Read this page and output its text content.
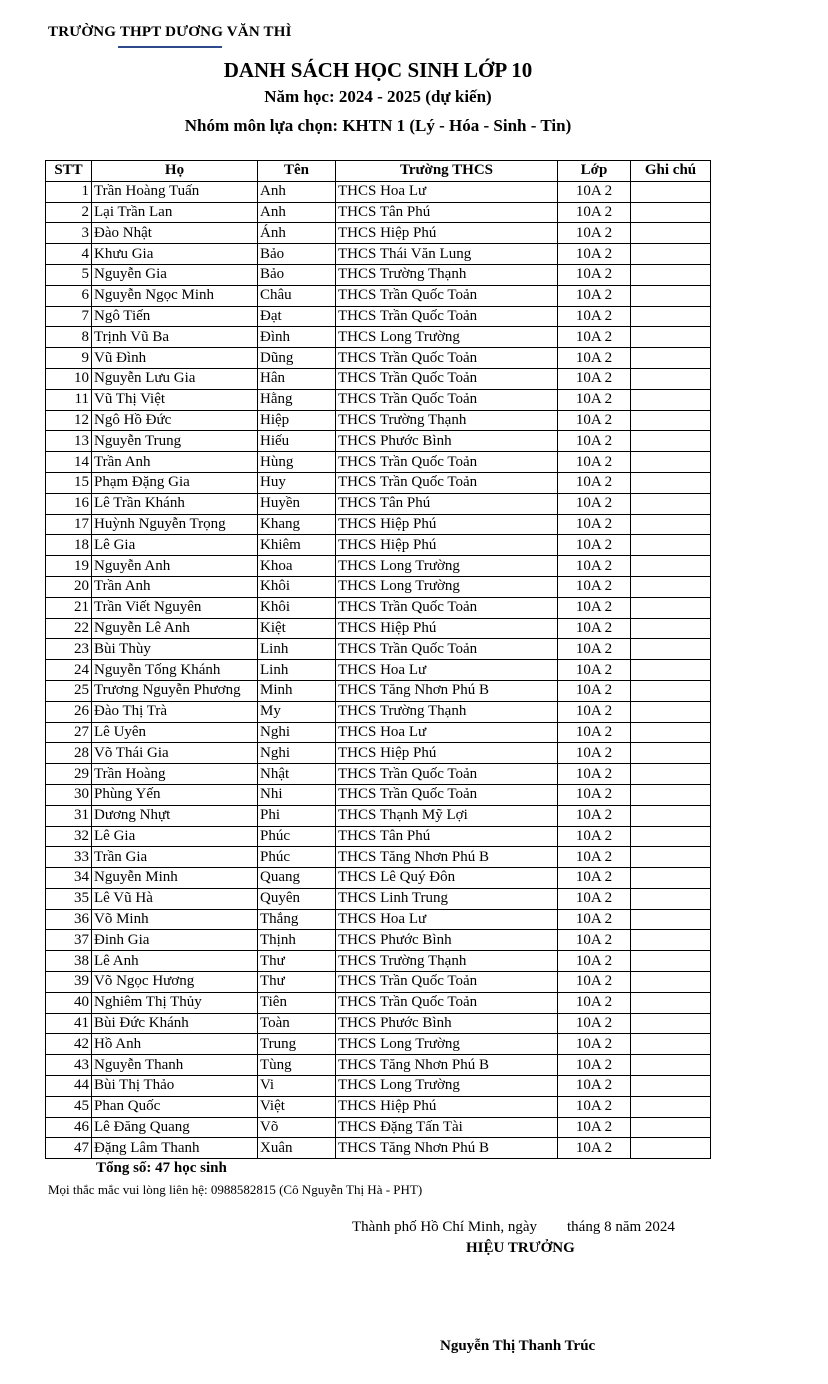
TRƯỜNG THPT DƯƠNG VĂN THÌ
DANH SÁCH HỌC SINH LỚP 10
Năm học: 2024 - 2025 (dự kiến)
Nhóm môn lựa chọn: KHTN 1 (Lý - Hóa - Sinh - Tin)
STT	Họ	Tên	Trường THCS	Lớp	Ghi chú
1	Trần Hoàng Tuấn	Anh	THCS Hoa Lư	10A 2	
2	Lại Trần Lan	Anh	THCS Tân Phú	10A 2	
3	Đào Nhật	Ánh	THCS Hiệp Phú	10A 2	
4	Khưu Gia	Bảo	THCS Thái Văn Lung	10A 2	
5	Nguyễn Gia	Bảo	THCS Trường Thạnh	10A 2	
6	Nguyễn Ngọc Minh	Châu	THCS Trần Quốc Toản	10A 2	
7	Ngô Tiến	Đạt	THCS Trần Quốc Toản	10A 2	
8	Trịnh Vũ Ba	Đình	THCS Long Trường	10A 2	
9	Vũ Đình	Dũng	THCS Trần Quốc Toản	10A 2	
10	Nguyễn Lưu Gia	Hân	THCS Trần Quốc Toản	10A 2	
11	Vũ Thị Việt	Hằng	THCS Trần Quốc Toản	10A 2	
12	Ngô Hồ Đức	Hiệp	THCS Trường Thạnh	10A 2	
13	Nguyễn Trung	Hiếu	THCS Phước Bình	10A 2	
14	Trần Anh	Hùng	THCS Trần Quốc Toản	10A 2	
15	Phạm Đặng Gia	Huy	THCS Trần Quốc Toản	10A 2	
16	Lê Trần Khánh	Huyền	THCS Tân Phú	10A 2	
17	Huỳnh Nguyễn Trọng	Khang	THCS Hiệp Phú	10A 2	
18	Lê Gia	Khiêm	THCS Hiệp Phú	10A 2	
19	Nguyễn Anh	Khoa	THCS Long Trường	10A 2	
20	Trần Anh	Khôi	THCS Long Trường	10A 2	
21	Trần Viết Nguyên	Khôi	THCS Trần Quốc Toản	10A 2	
22	Nguyễn Lê Anh	Kiệt	THCS Hiệp Phú	10A 2	
23	Bùi Thùy	Linh	THCS Trần Quốc Toản	10A 2	
24	Nguyễn Tống Khánh	Linh	THCS Hoa Lư	10A 2	
25	Trương Nguyễn Phương	Minh	THCS Tăng Nhơn Phú B	10A 2	
26	Đào Thị Trà	My	THCS Trường Thạnh	10A 2	
27	Lê Uyên	Nghi	THCS Hoa Lư	10A 2	
28	Võ Thái Gia	Nghi	THCS Hiệp Phú	10A 2	
29	Trần Hoàng	Nhật	THCS Trần Quốc Toản	10A 2	
30	Phùng Yến	Nhi	THCS Trần Quốc Toản	10A 2	
31	Dương Nhựt	Phi	THCS Thạnh Mỹ Lợi	10A 2	
32	Lê Gia	Phúc	THCS Tân Phú	10A 2	
33	Trần Gia	Phúc	THCS Tăng Nhơn Phú B	10A 2	
34	Nguyễn Minh	Quang	THCS Lê Quý Đôn	10A 2	
35	Lê Vũ Hà	Quyên	THCS Linh Trung	10A 2	
36	Võ Minh	Thắng	THCS Hoa Lư	10A 2	
37	Đinh Gia	Thịnh	THCS Phước Bình	10A 2	
38	Lê Anh	Thư	THCS Trường Thạnh	10A 2	
39	Võ Ngọc Hương	Thư	THCS Trần Quốc Toản	10A 2	
40	Nghiêm Thị Thủy	Tiên	THCS Trần Quốc Toản	10A 2	
41	Bùi Đức Khánh	Toàn	THCS Phước Bình	10A 2	
42	Hồ Anh	Trung	THCS Long Trường	10A 2	
43	Nguyễn Thanh	Tùng	THCS Tăng Nhơn Phú B	10A 2	
44	Bùi Thị Thảo	Vi	THCS Long Trường	10A 2	
45	Phan Quốc	Việt	THCS Hiệp Phú	10A 2	
46	Lê Đăng Quang	Võ	THCS Đặng Tấn Tài	10A 2	
47	Đặng Lâm Thanh	Xuân	THCS Tăng Nhơn Phú B	10A 2	
Tổng số: 47 học sinh
Mọi thắc mắc vui lòng liên hệ: 0988582815 (Cô Nguyễn Thị Hà - PHT)
Thành phố Hồ Chí Minh, ngày        tháng 8 năm 2024
HIỆU TRƯỞNG
Nguyễn Thị Thanh Trúc
